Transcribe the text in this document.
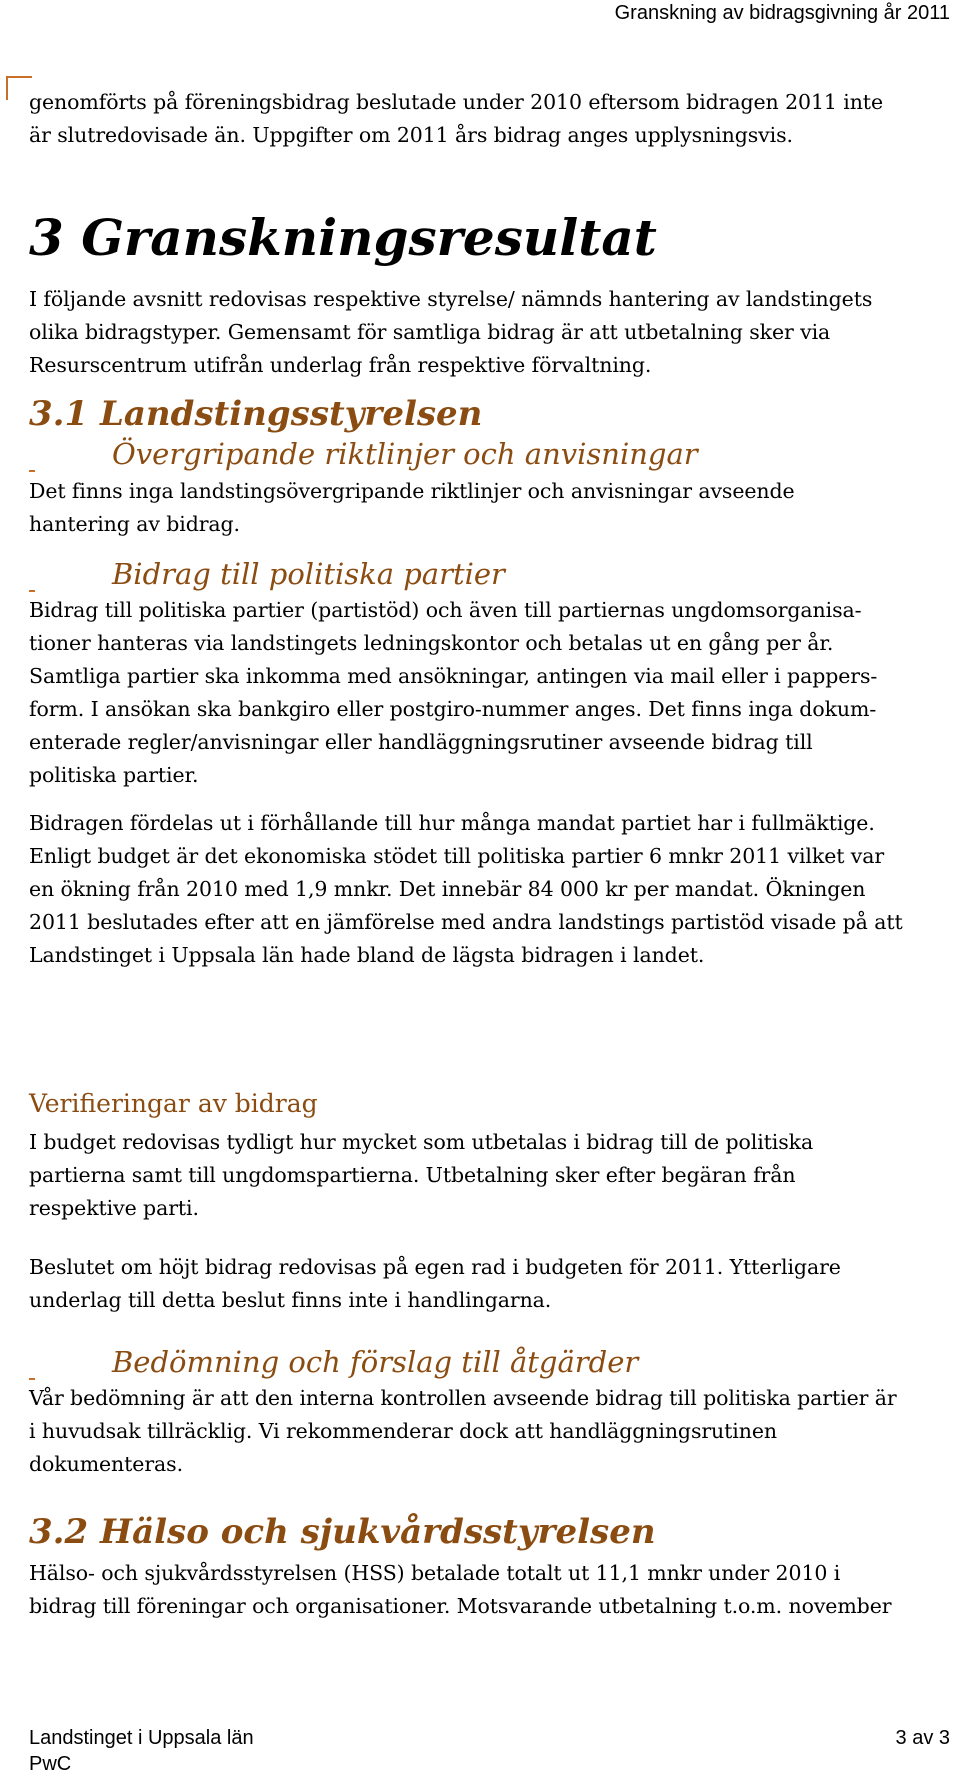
Granskning av bidragsgivning år 2011

genomförts på föreningsbidrag beslutade under 2010 eftersom bidragen 2011 inte

är slutredovisade än. Uppgifter om 2011 års bidrag anges upplysningsvis.

3 Granskningsresultat

I följande avsnitt redovisas respektive styrelse/ nämnds hantering av landstingets

olika bidragstyper. Gemensamt för samtliga bidrag är att utbetalning sker via

Resurscentrum utifrån underlag från respektive förvaltning.

3.1 Landstingsstyrelsen
Övergripande riktlinjer och anvisningar

Det finns inga landstingsövergripande riktlinjer och anvisningar avseende

hantering av bidrag.

Bidrag till politiska partier

Bidrag till politiska partier (partistöd) och även till partiernas ungdomsorganisa-

tioner hanteras via landstingets ledningskontor och betalas ut en gång per år.

Samtliga partier ska inkomma med ansökningar, antingen via mail eller i pappers-

form. I ansökan ska bankgiro eller postgiro-nummer anges. Det finns inga dokum-

enterade regler/anvisningar eller handläggningsrutiner avseende bidrag till

politiska partier.

Bidragen fördelas ut i förhållande till hur många mandat partiet har i fullmäktige.

Enligt budget är det ekonomiska stödet till politiska partier 6 mnkr 2011 vilket var

en ökning från 2010 med 1,9 mnkr. Det innebär 84 000 kr per mandat. Ökningen

2011 beslutades efter att en jämförelse med andra landstings partistöd visade på att

Landstinget i Uppsala län hade bland de lägsta bidragen i landet.

Verifieringar av bidrag

I budget redovisas tydligt hur mycket som utbetalas i bidrag till de politiska

partierna samt till ungdomspartierna. Utbetalning sker efter begäran från

respektive parti.

Beslutet om höjt bidrag redovisas på egen rad i budgeten för 2011. Ytterligare

underlag till detta beslut finns inte i handlingarna.

Bedömning och förslag till åtgärder

Vår bedömning är att den interna kontrollen avseende bidrag till politiska partier är

i huvudsak tillräcklig. Vi rekommenderar dock att handläggningsrutinen

dokumenteras.

3.2 Hälso och sjukvårdsstyrelsen

Hälso- och sjukvårdsstyrelsen (HSS) betalade totalt ut 11,1 mnkr under 2010 i

bidrag till föreningar och organisationer. Motsvarande utbetalning t.o.m. november

Landstinget i Uppsala län	3 av 3
PwC
